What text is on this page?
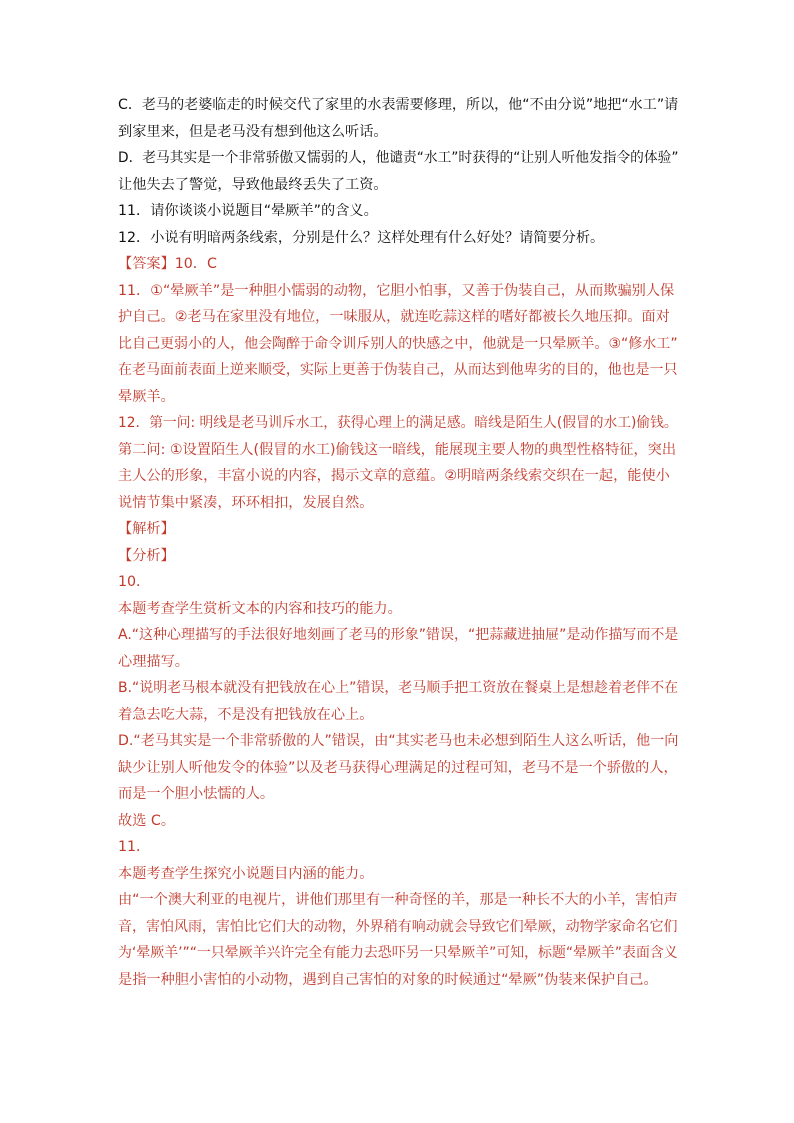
C．老马的老婆临走的时候交代了家里的水表需要修理，所以，他“不由分说”地把“水工”请
到家里来，但是老马没有想到他这么听话。
D．老马其实是一个非常骄傲又懦弱的人，他谴责“水工”时获得的“让别人听他发指令的体验”
让他失去了警觉，导致他最终丢失了工资。
11．请你谈谈小说题目“晕厥羊”的含义。
12．小说有明暗两条线索，分别是什么？这样处理有什么好处？请简要分析。
【答案】10．C
11．①“晕厥羊”是一种胆小懦弱的动物，它胆小怕事，又善于伪装自己，从而欺骗别人保
护自己。②老马在家里没有地位，一味服从，就连吃蒜这样的嗜好都被长久地压抑。面对
比自己更弱小的人，他会陶醉于命令训斥别人的快感之中，他就是一只晕厥羊。③“修水工”
在老马面前表面上逆来顺受，实际上更善于伪装自己，从而达到他卑劣的目的，他也是一只
晕厥羊。
12．第一问: 明线是老马训斥水工，获得心理上的满足感。暗线是陌生人(假冒的水工)偷钱。
第二问: ①设置陌生人(假冒的水工)偷钱这一暗线，能展现主要人物的典型性格特征，突出
主人公的形象，丰富小说的内容，揭示文章的意蕴。②明暗两条线索交织在一起，能使小
说情节集中紧凑，环环相扣，发展自然。
【解析】
【分析】
10．
本题考查学生赏析文本的内容和技巧的能力。
A.“这种心理描写的手法很好地刻画了老马的形象”错误，“把蒜藏进抽屉”是动作描写而不是
心理描写。
B.“说明老马根本就没有把钱放在心上”错误，老马顺手把工资放在餐桌上是想趁着老伴不在
着急去吃大蒜，不是没有把钱放在心上。
D.“老马其实是一个非常骄傲的人”错误，由“其实老马也未必想到陌生人这么听话，他一向
缺少让别人听他发令的体验”以及老马获得心理满足的过程可知，老马不是一个骄傲的人，
而是一个胆小怯懦的人。
故选 C。
11．
本题考查学生探究小说题目内涵的能力。
由“一个澳大利亚的电视片，讲他们那里有一种奇怪的羊，那是一种长不大的小羊，害怕声
音，害怕风雨，害怕比它们大的动物，外界稍有响动就会导致它们晕厥，动物学家命名它们
为‘晕厥羊’”“一只晕厥羊兴许完全有能力去恐吓另一只晕厥羊”可知，标题“晕厥羊”表面含义
是指一种胆小害怕的小动物，遇到自己害怕的对象的时候通过“晕厥”伪装来保护自己。
